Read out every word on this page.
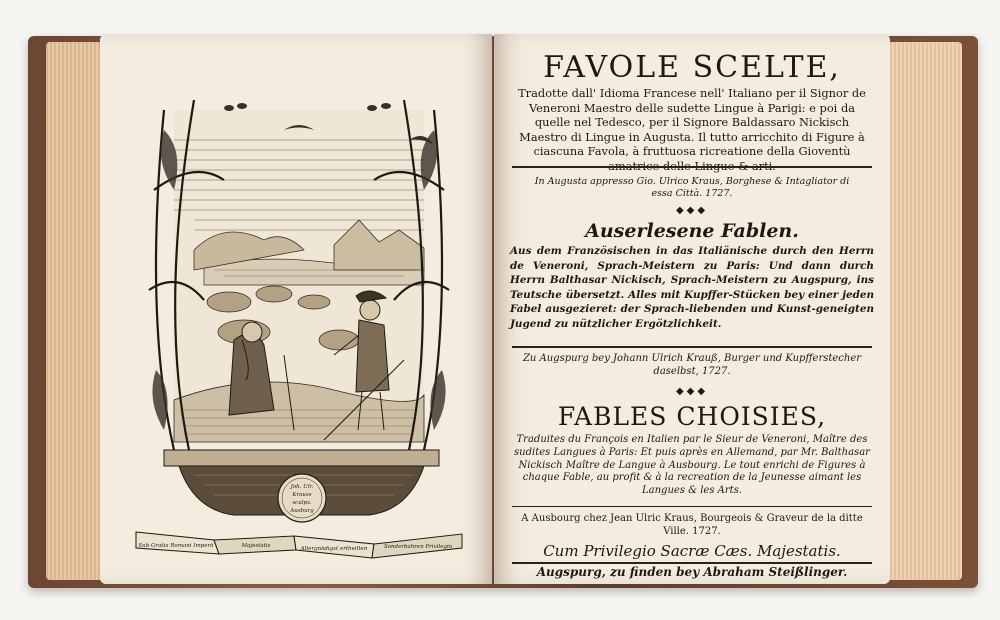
Joh. Ulr.
Krauss
sculps.
Ausburg
Sub Gratia Romani Imperii	Majestatis	Allergnädigst ertheilten	Sonderbahren Privilegio
FAVOLE SCELTE,
Tradotte dall' Idioma Francese nell' Italiano per il Signor de Veneroni Maestro delle sudette Lingue à Parigi: e poi da quelle nel Tedesco, per il Signore Baldassaro Nickisch Maestro di Lingue in Augusta. Il tutto arricchito di Figure à ciascuna Favola, à fruttuosa ricreatione della Gioventù amatrice delle Lingue & arti.
In Augusta appresso Gio. Ulrico Kraus, Borghese & Intagliator di essa Città. 1727.
◆◆◆
Auserlesene Fablen.
Aus dem Französischen in das Italiänische durch den Herrn de Veneroni, Sprach-Meistern zu Paris: Und dann durch Herrn Balthasar Nickisch, Sprach-Meistern zu Augspurg, ins Teutsche übersetzt. Alles mit Kupffer-Stücken bey einer jeden Fabel ausgezieret: der Sprach-liebenden und Kunst-geneigten Jugend zu nützlicher Ergötzlichkeit.
Zu Augspurg bey Johann Ulrich Krauß, Burger und Kupfferstecher daselbst, 1727.
◆◆◆
FABLES CHOISIES,
Traduites du François en Italien par le Sieur de Veneroni, Maître des sudites Langues à Paris: Et puis après en Allemand, par Mr. Balthasar Nickisch Maître de Langue à Ausbourg. Le tout enrichi de Figures à chaque Fable, au profit & à la recreation de la Jeunesse aimant les Langues & les Arts.
A Ausbourg chez Jean Ulric Kraus, Bourgeois & Graveur de la ditte Ville. 1727.
Cum Privilegio Sacræ Cæs. Majestatis.
Augspurg, zu finden bey Abraham Steißlinger.
